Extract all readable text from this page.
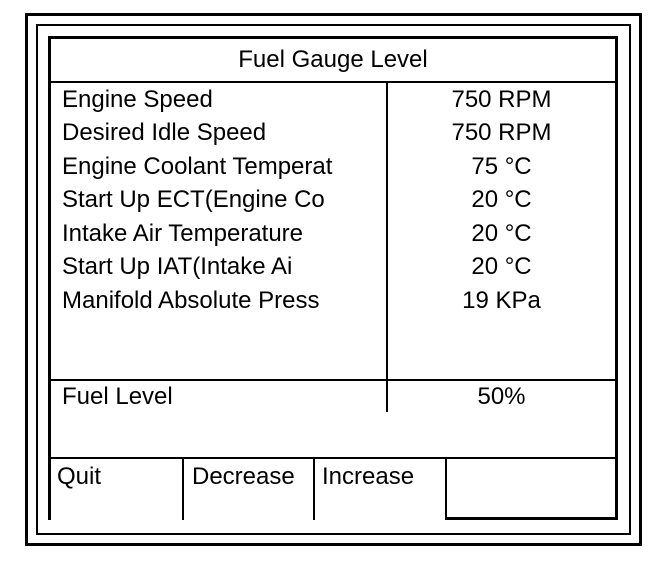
Fuel Gauge Level
Engine Speed	750 RPM
Desired Idle Speed	750 RPM
Engine Coolant Temperat	75 °C
Start Up ECT(Engine Co	20 °C
Intake Air Temperature	20 °C
Start Up IAT(Intake Ai	20 °C
Manifold Absolute Press	19 KPa
Fuel Level	50%
Quit	Decrease	Increase
